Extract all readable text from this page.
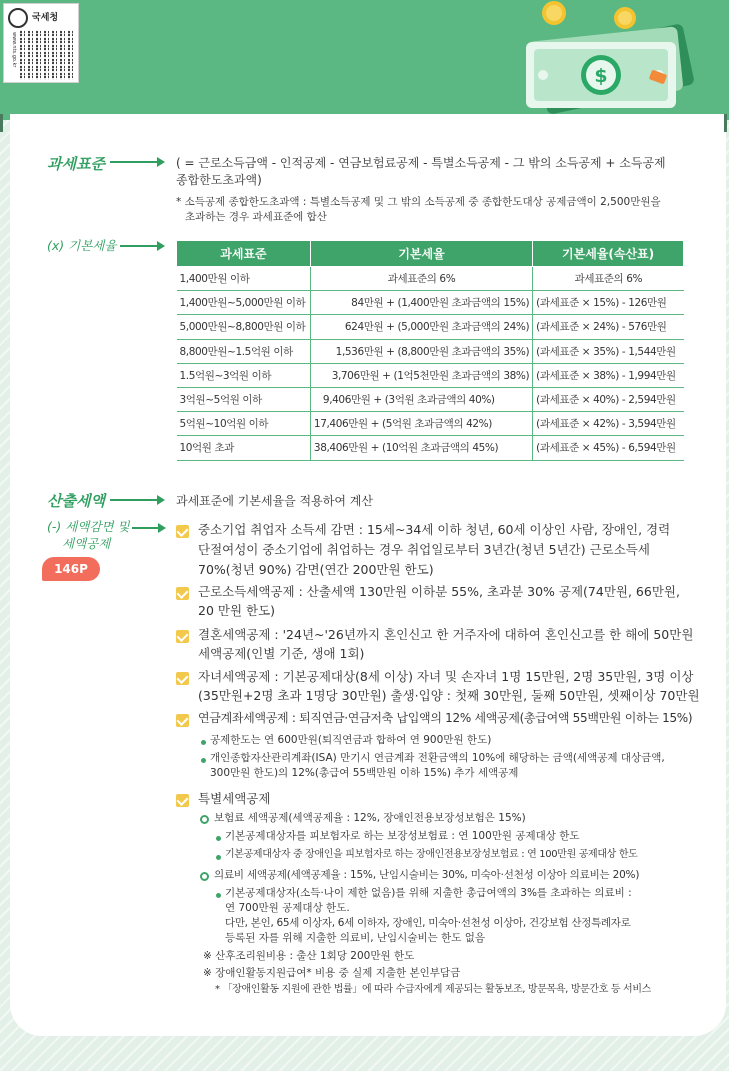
국세청
www.nts.go.kr
$
과세표준	( = 근로소득금액 - 인적공제 - 연금보험료공제 - 특별소득공제 - 그 밖의 소득공제 + 소득공제
종합한도초과액)
* 소득공제 종합한도초과액 : 특별소득공제 및 그 밖의 소득공제 중 종합한도대상 공제금액이 2,500만원을
초과하는 경우 과세표준에 합산
(x) 기본세율
과세표준	기본세율	기본세율(속산표)
1,400만원 이하	과세표준의 6%	과세표준의 6%
1,400만원~5,000만원 이하	84만원 + (1,400만원 초과금액의 15%)	(과세표준 × 15%) - 126만원
5,000만원~8,800만원 이하	624만원 + (5,000만원 초과금액의 24%)	(과세표준 × 24%) - 576만원
8,800만원~1.5억원 이하	1,536만원 + (8,800만원 초과금액의 35%)	(과세표준 × 35%) - 1,544만원
1.5억원~3억원 이하	3,706만원 + (1억5천만원 초과금액의 38%)	(과세표준 × 38%) - 1,994만원
3억원~5억원 이하	9,406만원 + (3억원 초과금액의 40%)	(과세표준 × 40%) - 2,594만원
5억원~10억원 이하	17,406만원 + (5억원 초과금액의 42%)	(과세표준 × 42%) - 3,594만원
10억원 초과	38,406만원 + (10억원 초과금액의 45%)	(과세표준 × 45%) - 6,594만원
산출세액	과세표준에 기본세율을 적용하여 계산
(-) 세액감면 및
세액공제
146P
중소기업 취업자 소득세 감면 : 15세~34세 이하 청년, 60세 이상인 사람, 장애인, 경력
단절여성이 중소기업에 취업하는 경우 취업일로부터 3년간(청년 5년간) 근로소득세
70%(청년 90%) 감면(연간 200만원 한도)
근로소득세액공제 : 산출세액 130만원 이하분 55%, 초과분 30% 공제(74만원, 66만원,
20 만원 한도)
결혼세액공제 : '24년~'26년까지 혼인신고 한 거주자에 대하여 혼인신고를 한 해에 50만원
세액공제(인별 기준, 생애 1회)
자녀세액공제 : 기본공제대상(8세 이상) 자녀 및 손자녀 1명 15만원, 2명 35만원, 3명 이상
(35만원+2명 초과 1명당 30만원) 출생·입양 : 첫째 30만원, 둘째 50만원, 셋째이상 70만원
연금계좌세액공제 : 퇴직연금·연금저축 납입액의 12% 세액공제(총급여액 55백만원 이하는 15%)
공제한도는 연 600만원(퇴직연금과 합하여 연 900만원 한도)
개인종합자산관리계좌(ISA) 만기시 연금계좌 전환금액의 10%에 해당하는 금액(세액공제 대상금액,
300만원 한도)의 12%(총급여 55백만원 이하 15%) 추가 세액공제
특별세액공제
보험료 세액공제(세액공제율 : 12%, 장애인전용보장성보험은 15%)
기본공제대상자를 피보험자로 하는 보장성보험료 : 연 100만원 공제대상 한도
기본공제대상자 중 장애인을 피보험자로 하는 장애인전용보장성보험료 : 연 100만원 공제대상 한도
의료비 세액공제(세액공제율 : 15%, 난임시술비는 30%, 미숙아·선천성 이상아 의료비는 20%)
기본공제대상자(소득·나이 제한 없음)를 위해 지출한 총급여액의 3%를 초과하는 의료비 :
연 700만원 공제대상 한도.
다만, 본인, 65세 이상자, 6세 이하자, 장애인, 미숙아·선천성 이상아, 건강보험 산정특례자로
등록된 자를 위해 지출한 의료비, 난임시술비는 한도 없음
※ 산후조리원비용 : 출산 1회당 200만원 한도
※ 장애인활동지원급여* 비용 중 실제 지출한 본인부담금
* 「장애인활동 지원에 관한 법률」에 따라 수급자에게 제공되는 활동보조, 방문목욕, 방문간호 등 서비스
